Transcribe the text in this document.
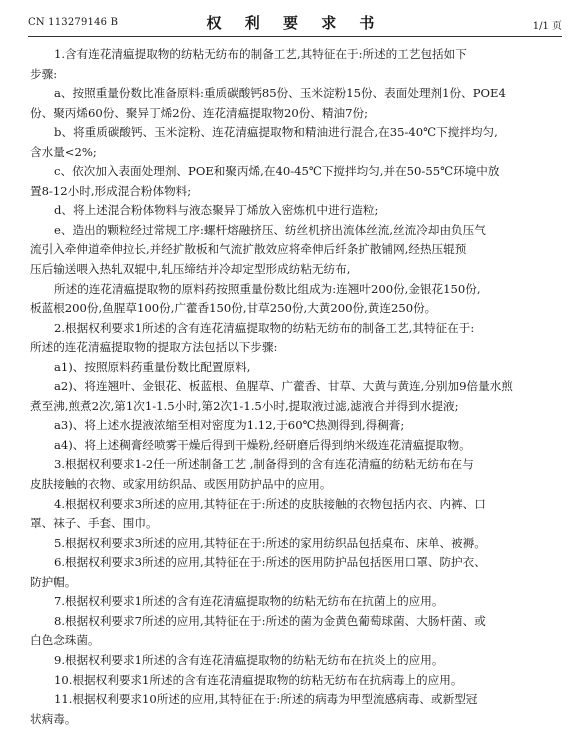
CN 113279146 B	权 利 要 求 书	1/1 页
1.含有连花清瘟提取物的纺粘无纺布的制备工艺,其特征在于:所述的工艺包括如下
步骤:
a、按照重量份数比准备原料:重质碳酸钙85份、玉米淀粉15份、表面处理剂1份、POE4
份、聚丙烯60份、聚异丁烯2份、连花清瘟提取物20份、精油7份;
b、将重质碳酸钙、玉米淀粉、连花清瘟提取物和精油进行混合,在35-40℃下搅拌均匀,
含水量<2%;
c、依次加入表面处理剂、POE和聚丙烯,在40-45℃下搅拌均匀,并在50-55℃环境中放
置8-12小时,形成混合粉体物料;
d、将上述混合粉体物料与液态聚异丁烯放入密炼机中进行造粒;
e、造出的颗粒经过常规工序:螺杆熔融挤压、纺丝机挤出流体丝流,丝流冷却由负压气
流引入牵伸道牵伸拉长,并经扩散板和气流扩散效应将牵伸后纤条扩散铺网,经热压辊预
压后输送喂入热轧双辊中,轧压缔结并冷却定型形成纺粘无纺布,
所述的连花清瘟提取物的原料药按照重量份数比组成为:连翘叶200份,金银花150份,
板蓝根200份,鱼腥草100份,广藿香150份,甘草250份,大黄200份,黄连250份。
2.根据权利要求1所述的含有连花清瘟提取物的纺粘无纺布的制备工艺,其特征在于:
所述的连花清瘟提取物的提取方法包括以下步骤:
a1)、按照原料药重量份数比配置原料,
a2)、将连翘叶、金银花、板蓝根、鱼腥草、广藿香、甘草、大黄与黄连,分别加9倍量水煎
煮至沸,煎煮2次,第1次1-1.5小时,第2次1-1.5小时,提取液过滤,滤液合并得到水提液;
a3)、将上述水提液浓缩至相对密度为1.12,于60℃热测得到,得稠膏;
a4)、将上述稠膏经喷雾干燥后得到干燥粉,经研磨后得到纳米级连花清瘟提取物。
3.根据权利要求1-2任一所述制备工艺 ,制备得到的含有连花清瘟的纺粘无纺布在与
皮肤接触的衣物、或家用纺织品、或医用防护品中的应用。
4.根据权利要求3所述的应用,其特征在于:所述的皮肤接触的衣物包括内衣、内裤、口
罩、袜子、手套、围巾。
5.根据权利要求3所述的应用,其特征在于:所述的家用纺织品包括桌布、床单、被褥。
6.根据权利要求3所述的应用,其特征在于:所述的医用防护品包括医用口罩、防护衣、
防护帽。
7.根据权利要求1所述的含有连花清瘟提取物的纺粘无纺布在抗菌上的应用。
8.根据权利要求7所述的应用,其特征在于:所述的菌为金黄色葡萄球菌、大肠杆菌、或
白色念珠菌。
9.根据权利要求1所述的含有连花清瘟提取物的纺粘无纺布在抗炎上的应用。
10.根据权利要求1所述的含有连花清瘟提取物的纺粘无纺布在抗病毒上的应用。
11.根据权利要求10所述的应用,其特征在于:所述的病毒为甲型流感病毒、或新型冠
状病毒。
